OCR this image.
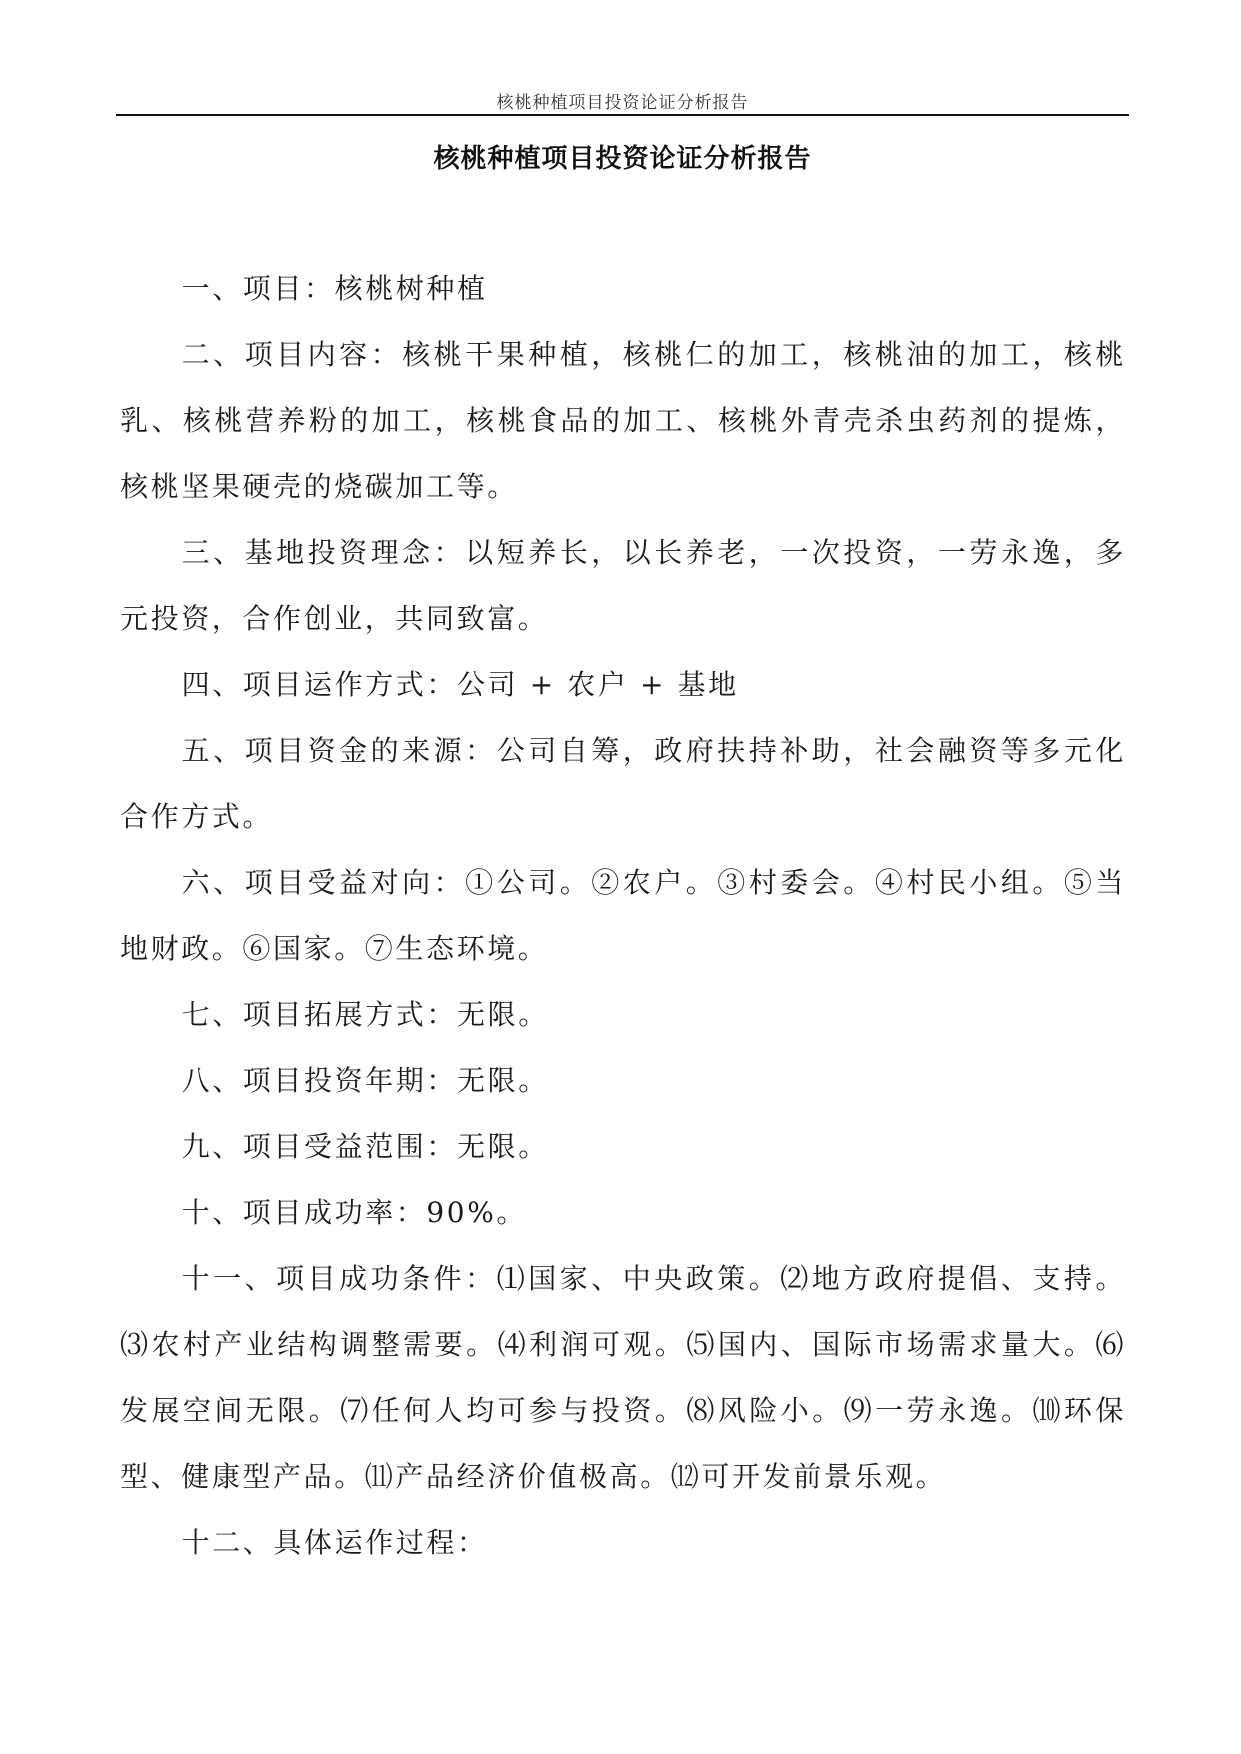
核桃种植项目投资论证分析报告
核桃种植项目投资论证分析报告

一、项目：核桃树种植

二、项目内容：核桃干果种植，核桃仁的加工，核桃油的加工，核桃乳、核桃营养粉的加工，核桃食品的加工、核桃外青壳杀虫药剂的提炼，核桃坚果硬壳的烧碳加工等。

三、基地投资理念：以短养长，以长养老，一次投资，一劳永逸，多元投资，合作创业，共同致富。

四、项目运作方式：公司 + 农户 + 基地

五、项目资金的来源：公司自筹，政府扶持补助，社会融资等多元化合作方式。

六、项目受益对向：①公司。②农户。③村委会。④村民小组。⑤当地财政。⑥国家。⑦生态环境。

七、项目拓展方式：无限。

八、项目投资年期：无限。

九、项目受益范围：无限。

十、项目成功率：90%。

十一、项目成功条件：⑴国家、中央政策。⑵地方政府提倡、支持。⑶农村产业结构调整需要。⑷利润可观。⑸国内、国际市场需求量大。⑹发展空间无限。⑺任何人均可参与投资。⑻风险小。⑼一劳永逸。⑽环保型、健康型产品。⑾产品经济价值极高。⑿可开发前景乐观。

十二、具体运作过程：
